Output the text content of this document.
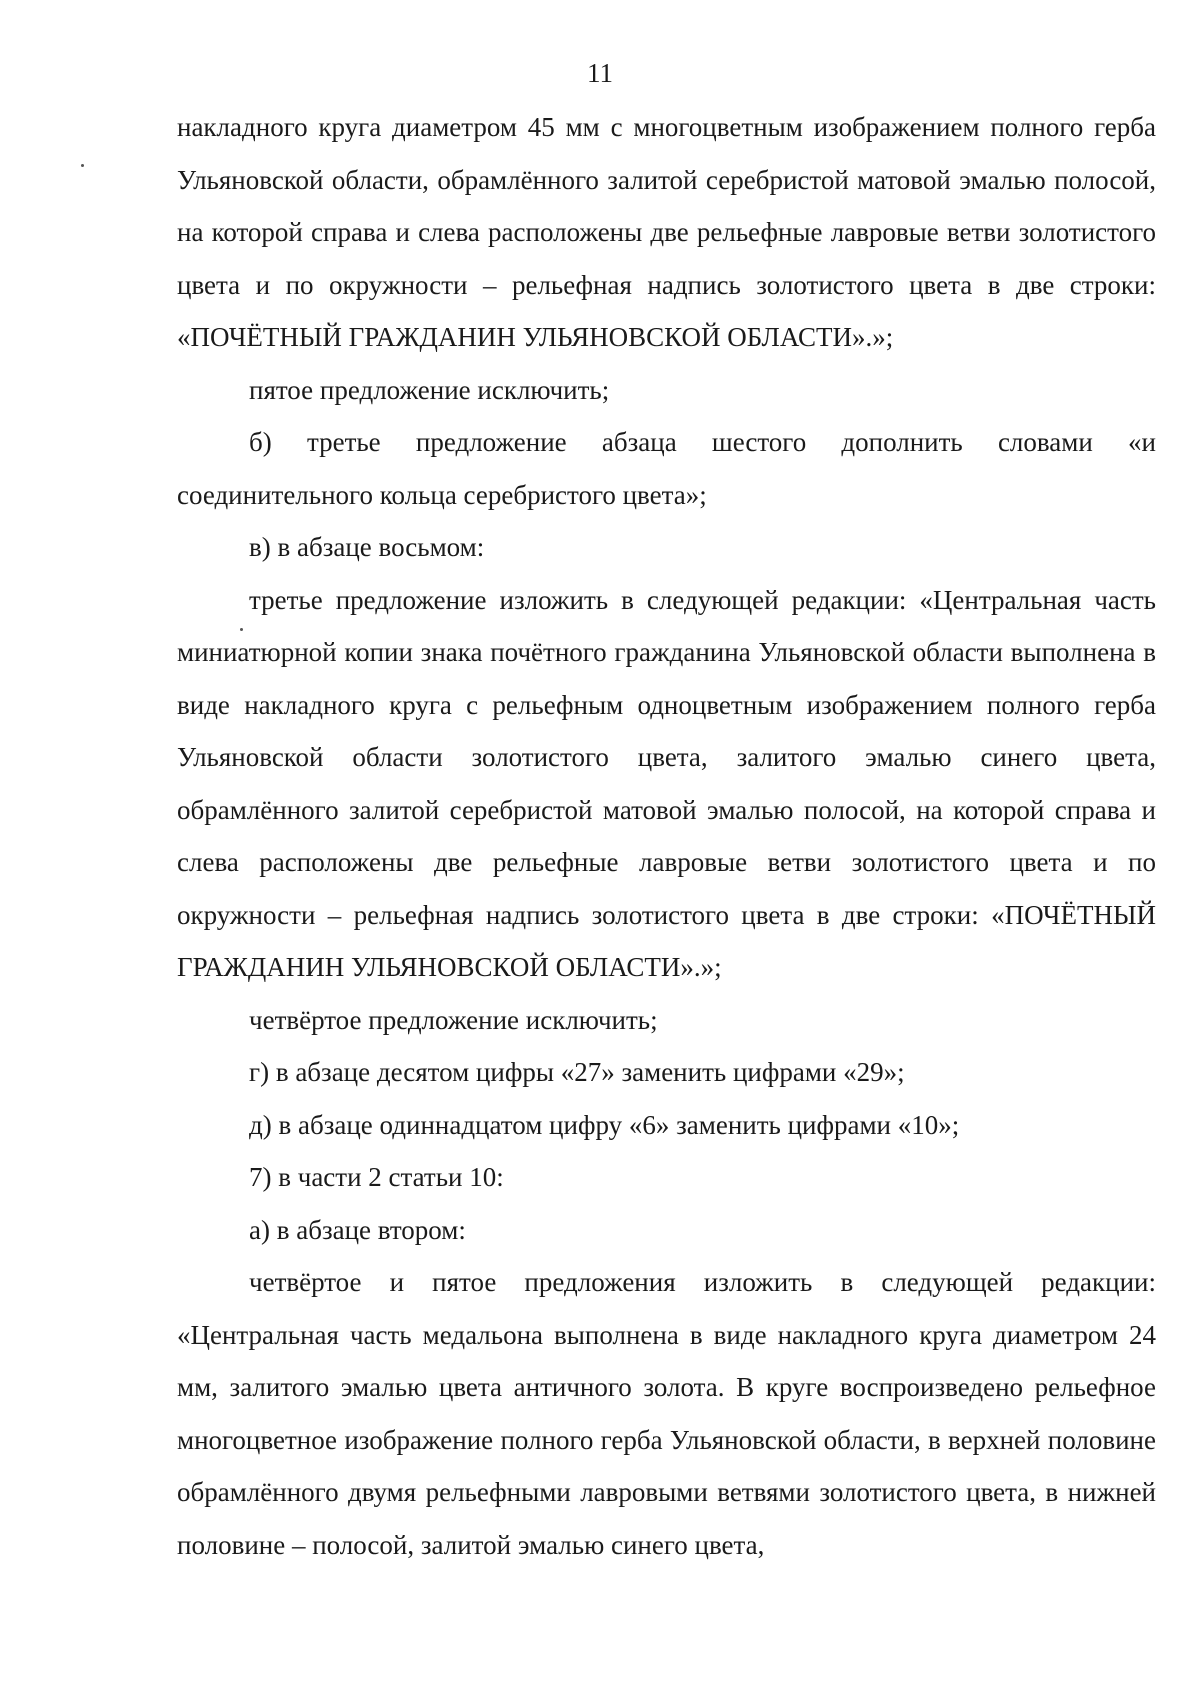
11

накладного круга диаметром 45 мм с многоцветным изображением полного герба Ульяновской области, обрамлённого залитой серебристой матовой эмалью полосой, на которой справа и слева расположены две рельефные лавровые ветви золотистого цвета и по окружности – рельефная надпись золотистого цвета в две строки: «ПОЧЁТНЫЙ ГРАЖДАНИН УЛЬЯНОВСКОЙ ОБЛАСТИ».»;

пятое предложение исключить;

б) третье предложение абзаца шестого дополнить словами «и соединительного кольца серебристого цвета»;

в) в абзаце восьмом:

третье предложение изложить в следующей редакции: «Центральная часть миниатюрной копии знака почётного гражданина Ульяновской области выполнена в виде накладного круга с рельефным одноцветным изображением полного герба Ульяновской области золотистого цвета, залитого эмалью синего цвета, обрамлённого залитой серебристой матовой эмалью полосой, на которой справа и слева расположены две рельефные лавровые ветви золотистого цвета и по окружности – рельефная надпись золотистого цвета в две строки: «ПОЧЁТНЫЙ ГРАЖДАНИН УЛЬЯНОВСКОЙ ОБЛАСТИ».»;

четвёртое предложение исключить;

г) в абзаце десятом цифры «27» заменить цифрами «29»;

д) в абзаце одиннадцатом цифру «6» заменить цифрами «10»;

7) в части 2 статьи 10:

а) в абзаце втором:

четвёртое и пятое предложения изложить в следующей редакции: «Центральная часть медальона выполнена в виде накладного круга диаметром 24 мм, залитого эмалью цвета античного золота. В круге воспроизведено рельефное многоцветное изображение полного герба Ульяновской области, в верхней половине обрамлённого двумя рельефными лавровыми ветвями золотистого цвета, в нижней половине – полосой, залитой эмалью синего цвета,
